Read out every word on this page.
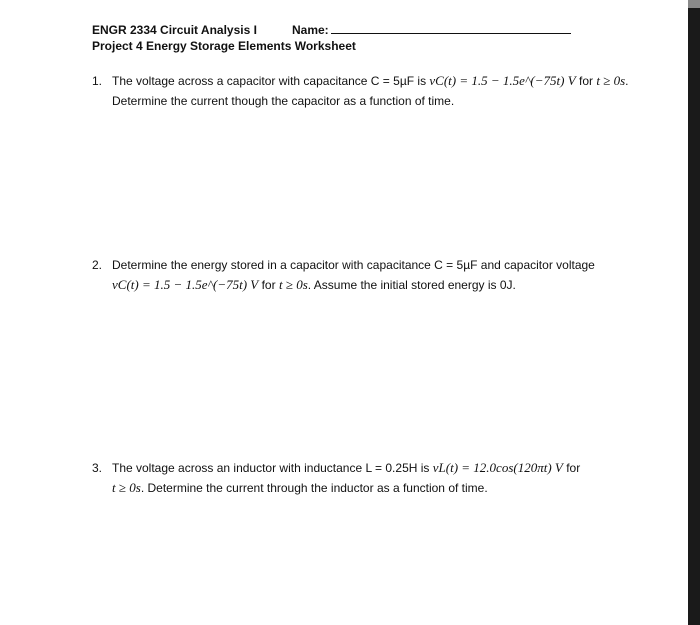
ENGR 2334 Circuit Analysis I	Name:
Project 4 Energy Storage Elements Worksheet
1. The voltage across a capacitor with capacitance C = 5µF is vC(t) = 1.5 − 1.5e^(−75t) V for t ≥ 0s.
Determine the current though the capacitor as a function of time.
2. Determine the energy stored in a capacitor with capacitance C = 5µF and capacitor voltage
vC(t) = 1.5 − 1.5e^(−75t) V for t ≥ 0s. Assume the initial stored energy is 0J.
3. The voltage across an inductor with inductance L = 0.25H is vL(t) = 12.0cos(120πt) V for
t ≥ 0s. Determine the current through the inductor as a function of time.
